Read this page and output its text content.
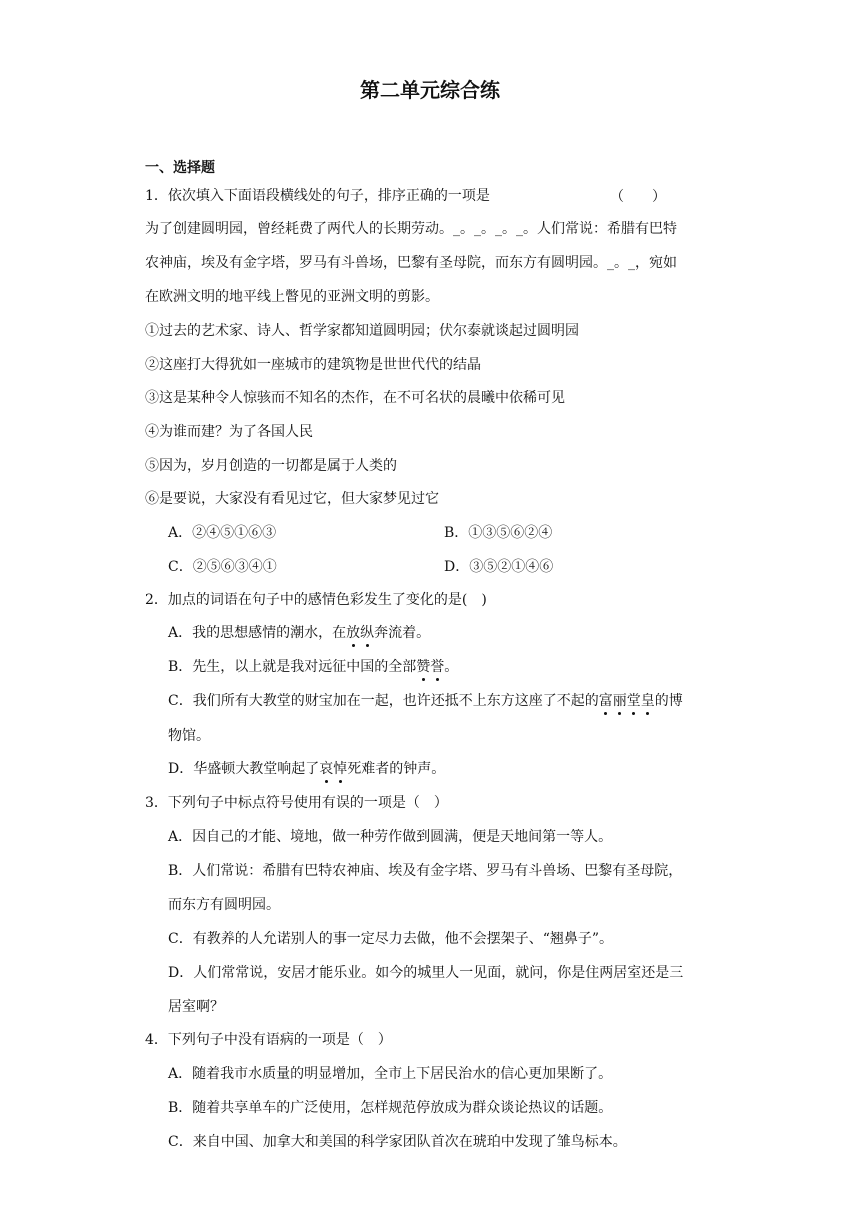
第二单元综合练
一、选择题
1．依次填入下面语段横线处的句子，排序正确的一项是	（　　）
为了创建圆明园，曾经耗费了两代人的长期劳动。_。_。_。_。人们常说：希腊有巴特
农神庙，埃及有金字塔，罗马有斗兽场，巴黎有圣母院，而东方有圆明园。_。_，宛如
在欧洲文明的地平线上瞥见的亚洲文明的剪影。
①过去的艺术家、诗人、哲学家都知道圆明园；伏尔泰就谈起过圆明园
②这座打大得犹如一座城市的建筑物是世世代代的结晶
③这是某种令人惊骇而不知名的杰作，在不可名状的晨曦中依稀可见
④为谁而建？为了各国人民
⑤因为，岁月创造的一切都是属于人类的
⑥是要说，大家没有看见过它，但大家梦见过它
A．②④⑤①⑥③	B．①③⑤⑥②④
C．②⑤⑥③④①	D．③⑤②①④⑥
2．加点的词语在句子中的感情色彩发生了变化的是(　)
A．我的思想感情的潮水，在放纵奔流着。
B．先生，以上就是我对远征中国的全部赞誉。
C．我们所有大教堂的财宝加在一起，也许还抵不上东方这座了不起的富丽堂皇的博
物馆。
D．华盛顿大教堂响起了哀悼死难者的钟声。
3．下列句子中标点符号使用有误的一项是（　）
A．因自己的才能、境地，做一种劳作做到圆满，便是天地间第一等人。
B．人们常说：希腊有巴特农神庙、埃及有金字塔、罗马有斗兽场、巴黎有圣母院，
而东方有圆明园。
C．有教养的人允诺别人的事一定尽力去做，他不会摆架子、“翘鼻子”。
D．人们常常说，安居才能乐业。如今的城里人一见面，就问，你是住两居室还是三
居室啊？
4．下列句子中没有语病的一项是（　）
A．随着我市水质量的明显增加，全市上下居民治水的信心更加果断了。
B．随着共享单车的广泛使用，怎样规范停放成为群众谈论热议的话题。
C．来自中国、加拿大和美国的科学家团队首次在琥珀中发现了雏鸟标本。
